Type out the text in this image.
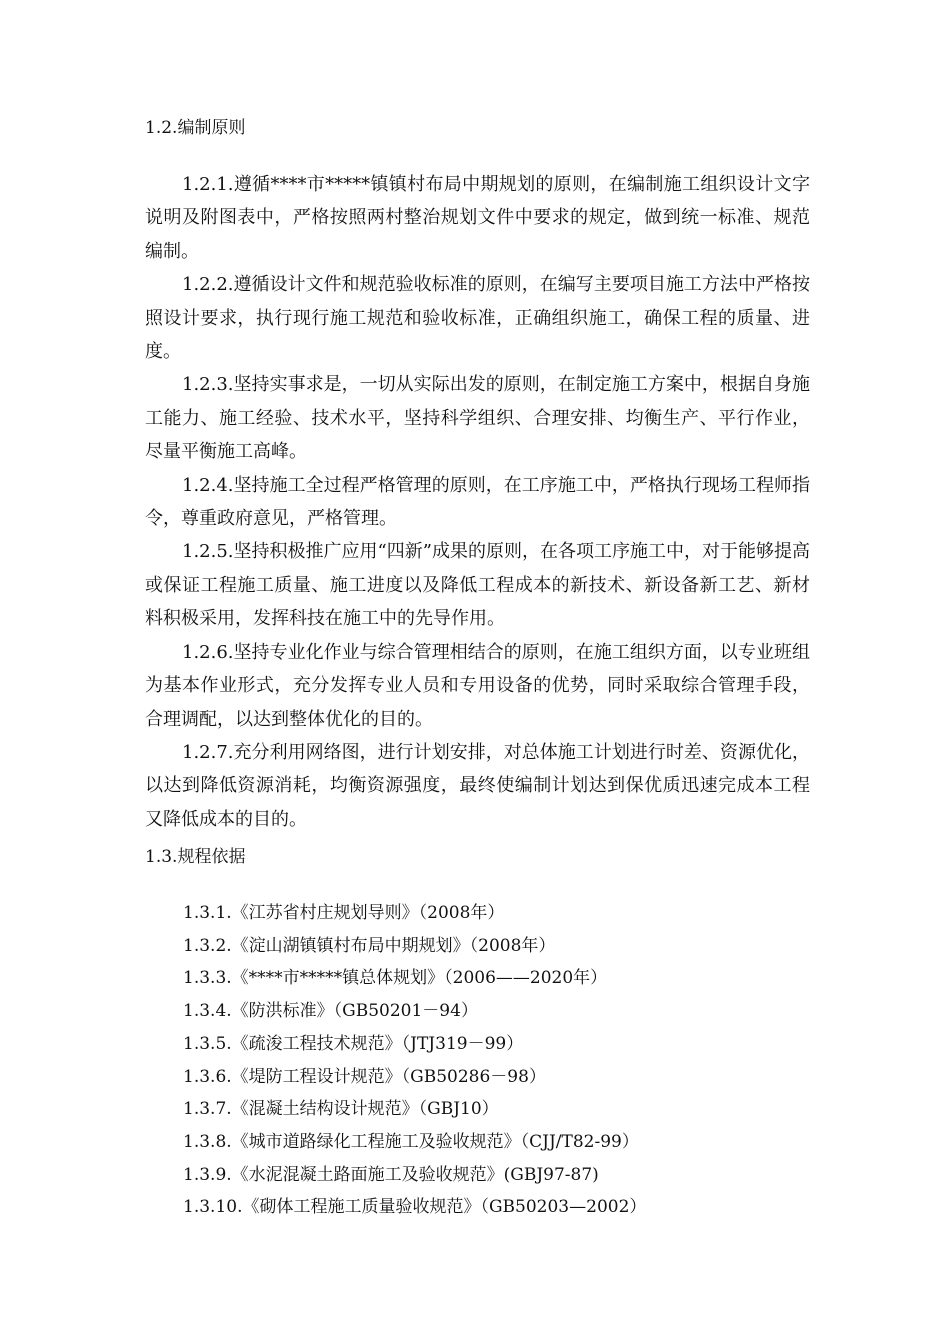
1.2.编制原则

1.2.1.遵循****市*****镇镇村布局中期规划的原则，在编制施工组织设计文字说明及附图表中，严格按照两村整治规划文件中要求的规定，做到统一标准、规范编制。

1.2.2.遵循设计文件和规范验收标准的原则，在编写主要项目施工方法中严格按照设计要求，执行现行施工规范和验收标准，正确组织施工，确保工程的质量、进度。

1.2.3.坚持实事求是，一切从实际出发的原则，在制定施工方案中，根据自身施工能力、施工经验、技术水平，坚持科学组织、合理安排、均衡生产、平行作业，尽量平衡施工高峰。

1.2.4.坚持施工全过程严格管理的原则，在工序施工中，严格执行现场工程师指令，尊重政府意见，严格管理。

1.2.5.坚持积极推广应用“四新”成果的原则，在各项工序施工中，对于能够提高或保证工程施工质量、施工进度以及降低工程成本的新技术、新设备新工艺、新材料积极采用，发挥科技在施工中的先导作用。

1.2.6.坚持专业化作业与综合管理相结合的原则，在施工组织方面，以专业班组为基本作业形式，充分发挥专业人员和专用设备的优势，同时采取综合管理手段，合理调配，以达到整体优化的目的。

1.2.7.充分利用网络图，进行计划安排，对总体施工计划进行时差、资源优化，以达到降低资源消耗，均衡资源强度，最终使编制计划达到保优质迅速完成本工程又降低成本的目的。

1.3.规程依据
1.3.1.《江苏省村庄规划导则》（2008年）
1.3.2.《淀山湖镇镇村布局中期规划》（2008年）
1.3.3.《****市*****镇总体规划》（2006——2020年）
1.3.4.《防洪标准》（GB50201－94）
1.3.5.《疏浚工程技术规范》（JTJ319－99）
1.3.6.《堤防工程设计规范》（GB50286－98）
1.3.7.《混凝土结构设计规范》（GBJ10）
1.3.8.《城市道路绿化工程施工及验收规范》（CJJ/T82-99）
1.3.9.《水泥混凝土路面施工及验收规范》(GBJ97-87)
1.3.10.《砌体工程施工质量验收规范》（GB50203—2002）
